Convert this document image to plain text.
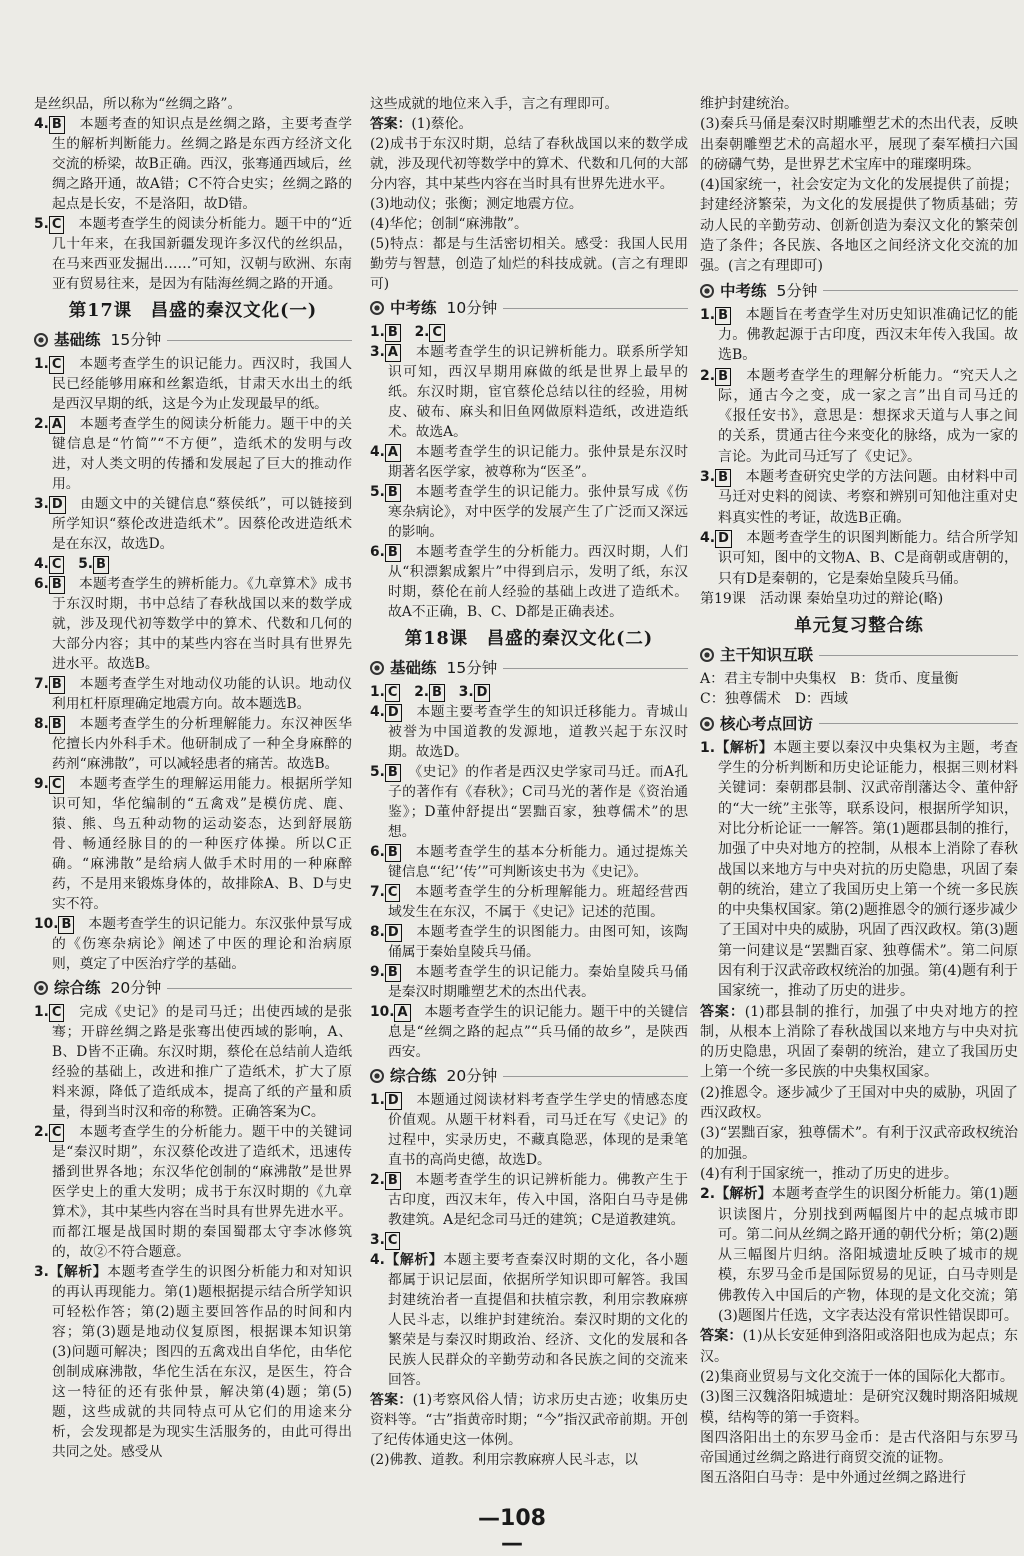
是丝织品，所以称为“丝绸之路”。

4. B　 本题考查的知识点是丝绸之路，主要考查学生的解析判断能力。丝绸之路是东西方经济文化交流的桥梁，故B正确。西汉，张骞通西域后，丝绸之路开通，故A错；C不符合史实；丝绸之路的起点是长安，不是洛阳，故D错。

5. C　 本题考查学生的阅读分析能力。题干中的“近几十年来，在我国新疆发现许多汉代的丝织品，在马来西亚发掘出……”可知，汉朝与欧洲、东南亚有贸易往来，是因为有陆海丝绸之路的开通。

第17课　昌盛的秦汉文化(一)
基础练 15分钟

1. C　 本题考查学生的识记能力。西汉时，我国人民已经能够用麻和丝絮造纸，甘肃天水出土的纸是西汉早期的纸，这是今为止发现最早的纸。

2. A　 本题考查学生的阅读分析能力。题干中的关键信息是“竹简”“不方便”，造纸术的发明与改进，对人类文明的传播和发展起了巨大的推动作用。

3. D　 由题文中的关键信息“蔡侯纸”，可以链接到所学知识“蔡伦改进造纸术”。因蔡伦改进造纸术是在东汉，故选D。

4. C　 5. B　

6. B　 本题考查学生的辨析能力。《九章算术》成书于东汉时期，书中总结了春秋战国以来的数学成就，涉及现代初等数学中的算术、代数和几何的大部分内容；其中的某些内容在当时具有世界先进水平。故选B。

7. B　 本题考查学生对地动仪功能的认识。地动仪利用杠杆原理确定地震方向。故本题选B。

8. B　 本题考查学生的分析理解能力。东汉神医华佗擅长内外科手术。他研制成了一种全身麻醉的药剂“麻沸散”，可以减轻患者的痛苦。故选B。

9. C　 本题考查学生的理解运用能力。根据所学知识可知，华佗编制的“五禽戏”是模仿虎、鹿、猿、熊、鸟五种动物的运动姿态，达到舒展筋骨、畅通经脉目的的一种医疗体操。所以C正确。“麻沸散”是给病人做手术时用的一种麻醉药，不是用来锻炼身体的，故排除A、B、D与史实不符。

10. B　 本题考查学生的识记能力。东汉张仲景写成的《伤寒杂病论》阐述了中医的理论和治病原则，奠定了中医治疗学的基础。

综合练 20分钟

1. C　 完成《史记》的是司马迁；出使西域的是张骞；开辟丝绸之路是张骞出使西域的影响，A、B、D皆不正确。东汉时期，蔡伦在总结前人造纸经验的基础上，改进和推广了造纸术，扩大了原料来源，降低了造纸成本，提高了纸的产量和质量，得到当时汉和帝的称赞。正确答案为C。

2. C　 本题考查学生的分析能力。题干中的关键词是“秦汉时期”，东汉蔡伦改进了造纸术，迅速传播到世界各地；东汉华佗创制的“麻沸散”是世界医学史上的重大发明；成书于东汉时期的《九章算术》，其中某些内容在当时具有世界先进水平。而都江堰是战国时期的秦国蜀郡太守李冰修筑的，故②不符合题意。

3.【解析】本题考查学生的识图分析能力和对知识的再认再现能力。第(1)题根据提示结合所学知识可轻松作答；第(2)题主要回答作品的时间和内容；第(3)题是地动仪复原图，根据课本知识第(3)问题可解决；图四的五禽戏出自华佗，由华佗创制成麻沸散，华佗生活在东汉，是医生，符合这一特征的还有张仲景，解决第(4)题；第(5)题，这些成就的共同特点可从它们的用途来分析，会发现都是为现实生活服务的，由此可得出共同之处。感受从

这些成就的地位来入手，言之有理即可。

答案：(1)蔡伦。

(2)成书于东汉时期，总结了春秋战国以来的数学成就，涉及现代初等数学中的算术、代数和几何的大部分内容，其中某些内容在当时具有世界先进水平。

(3)地动仪；张衡；测定地震方位。

(4)华佗；创制“麻沸散”。

(5)特点：都是与生活密切相关。感受：我国人民用勤劳与智慧，创造了灿烂的科技成就。(言之有理即可)

中考练 10分钟

1. B　 2. C　

3. A　 本题考查学生的识记辨析能力。联系所学知识可知，西汉早期用麻做的纸是世界上最早的纸。东汉时期，宦官蔡伦总结以往的经验，用树皮、破布、麻头和旧鱼网做原料造纸，改进造纸术。故选A。

4. A　 本题考查学生的识记能力。张仲景是东汉时期著名医学家，被尊称为“医圣”。

5. B　 本题考查学生的识记能力。张仲景写成《伤寒杂病论》，对中医学的发展产生了广泛而又深远的影响。

6. B　 本题考查学生的分析能力。西汉时期，人们从“积漂絮成絮片”中得到启示，发明了纸，东汉时期，蔡伦在前人经验的基础上改进了造纸术。故A不正确，B、C、D都是正确表述。

第18课　昌盛的秦汉文化(二)
基础练 15分钟

1. C　 2. B　 3. D　

4. D　 本题主要考查学生的知识迁移能力。青城山被誉为中国道教的发源地，道教兴起于东汉时期。故选D。

5. B　 《史记》的作者是西汉史学家司马迁。而A孔子的著作有《春秋》；C司马光的著作是《资治通鉴》；D董仲舒提出“罢黜百家，独尊儒术”的思想。

6. B　 本题考查学生的基本分析能力。通过提炼关键信息“‘纪’‘传’”可判断该史书为《史记》。

7. C　 本题考查学生的分析理解能力。班超经营西域发生在东汉，不属于《史记》记述的范围。

8. D　 本题考查学生的识图能力。由图可知，该陶俑属于秦始皇陵兵马俑。

9. B　 本题考查学生的识记能力。秦始皇陵兵马俑是秦汉时期雕塑艺术的杰出代表。

10. A　 本题考查学生的识记能力。题干中的关键信息是“丝绸之路的起点”“兵马俑的故乡”，是陕西西安。

综合练 20分钟

1. D　 本题通过阅读材料考查学生学史的情感态度价值观。从题干材料看，司马迁在写《史记》的过程中，实录历史，不藏真隐恶，体现的是秉笔直书的高尚史德，故选D。

2. B　 本题考查学生的识记辨析能力。佛教产生于古印度，西汉末年，传入中国，洛阳白马寺是佛教建筑。A是纪念司马迁的建筑；C是道教建筑。

3. C

4.【解析】本题主要考查秦汉时期的文化，各小题都属于识记层面，依据所学知识即可解答。我国封建统治者一直提倡和扶植宗教，利用宗教麻痹人民斗志，以维护封建统治。秦汉时期的文化的繁荣是与秦汉时期政治、经济、文化的发展和各民族人民群众的辛勤劳动和各民族之间的交流来回答。

答案：(1)考察风俗人情；访求历史古迹；收集历史资料等。“古”指黄帝时期；“今”指汉武帝前期。开创了纪传体通史这一体例。

(2)佛教、道教。利用宗教麻痹人民斗志，以

维护封建统治。

(3)秦兵马俑是秦汉时期雕塑艺术的杰出代表，反映出秦朝雕塑艺术的高超水平，展现了秦军横扫六国的磅礴气势，是世界艺术宝库中的璀璨明珠。

(4)国家统一，社会安定为文化的发展提供了前提；封建经济繁荣，为文化的发展提供了物质基础；劳动人民的辛勤劳动、创新创造为秦汉文化的繁荣创造了条件；各民族、各地区之间经济文化交流的加强。(言之有理即可)

中考练 5分钟

1. B　 本题旨在考查学生对历史知识准确记忆的能力。佛教起源于古印度，西汉末年传入我国。故选B。

2. B　 本题考查学生的理解分析能力。“究天人之际，通古今之变，成一家之言”出自司马迁的《报任安书》，意思是：想探求天道与人事之间的关系，贯通古往今来变化的脉络，成为一家的言论。为此司马迁写了《史记》。

3. B　 本题考查研究史学的方法问题。由材料中司马迁对史料的阅读、考察和辨别可知他注重对史料真实性的考证，故选B正确。

4. D　 本题考查学生的识图判断能力。结合所学知识可知，图中的文物A、B、C是商朝或唐朝的，只有D是秦朝的，它是秦始皇陵兵马俑。

第19课　活动课 秦始皇功过的辩论(略)

单元复习整合练
主干知识互联

A：君主专制中央集权　B：货币、度量衡

C：独尊儒术　D：西域

核心考点回访

1.【解析】本题主要以秦汉中央集权为主题，考查学生的分析判断和历史论证能力，根据三则材料关键词：秦朝郡县制、汉武帝削藩达令、董仲舒的“大一统”主张等，联系设问，根据所学知识，对比分析论证一一解答。第(1)题郡县制的推行，加强了中央对地方的控制，从根本上消除了春秋战国以来地方与中央对抗的历史隐患，巩固了秦朝的统治，建立了我国历史上第一个统一多民族的中央集权国家。第(2)题推恩令的颁行逐步减少了王国对中央的威胁，巩固了西汉政权。第(3)题第一问建议是“罢黜百家、独尊儒术”。第二问原因有利于汉武帝政权统治的加强。第(4)题有利于国家统一，推动了历史的进步。

答案：(1)郡县制的推行，加强了中央对地方的控制，从根本上消除了春秋战国以来地方与中央对抗的历史隐患，巩固了秦朝的统治，建立了我国历史上第一个统一多民族的中央集权国家。

(2)推恩令。逐步减少了王国对中央的威胁，巩固了西汉政权。

(3)“罢黜百家，独尊儒术”。有利于汉武帝政权统治的加强。

(4)有利于国家统一，推动了历史的进步。

2.【解析】本题考查学生的识图分析能力。第(1)题识读图片，分别找到两幅图片中的起点城市即可。第二问从丝绸之路开通的朝代分析；第(2)题从三幅图片归纳。洛阳城遗址反映了城市的规模，东罗马金币是国际贸易的见证，白马寺则是佛教传入中国后的产物，体现的是文化交流；第(3)题图片任选，文字表达没有常识性错误即可。

答案：(1)从长安延伸到洛阳或洛阳也成为起点；东汉。

(2)集商业贸易与文化交流于一体的国际化大都市。

(3)图三汉魏洛阳城遗址：是研究汉魏时期洛阳城规模，结构等的第一手资料。

图四洛阳出土的东罗马金币：是古代洛阳与东罗马帝国通过丝绸之路进行商贸交流的证物。

图五洛阳白马寺：是中外通过丝绸之路进行

—108—
